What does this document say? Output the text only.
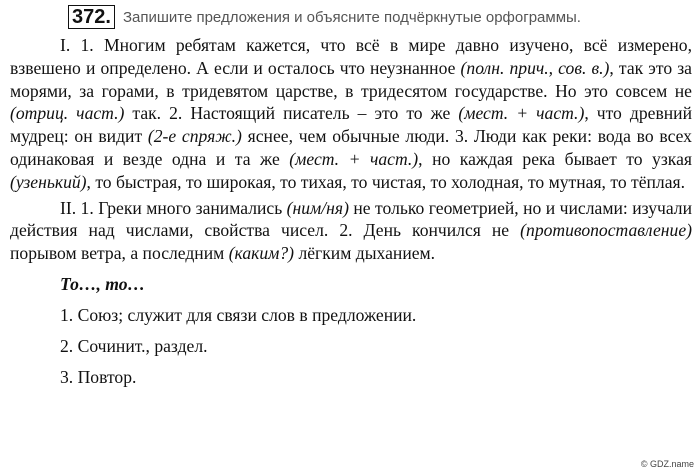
372. Запишите предложения и объясните подчёркнутые орфограммы.

I. 1. Многим ребятам кажется, что всё в мире давно изучено, всё измерено, взвешено и определено. А если и осталось что неузнанное (полн. прич., сов. в.), так это за морями, за горами, в тридевятом царстве, в тридесятом государстве. Но это совсем не (отриц. част.) так. 2. Настоящий писатель – это то же (мест. + част.), что древний мудрец: он видит (2-е спряж.) яснее, чем обычные люди. 3. Люди как реки: вода во всех одинаковая и везде одна и та же (мест. + част.), но каждая река бывает то узкая (узенький), то быстрая, то широкая, то тихая, то чистая, то холодная, то мутная, то тёплая.

II. 1. Греки много занимались (ним/ня) не только геометрией, но и числами: изучали действия над числами, свойства чисел. 2. День кончился не (противопоставление) порывом ветра, а последним (каким?) лёгким дыханием.

То…, то…

1. Союз; служит для связи слов в предложении.

2. Сочинит., раздел.

3. Повтор.

© GDZ.name
